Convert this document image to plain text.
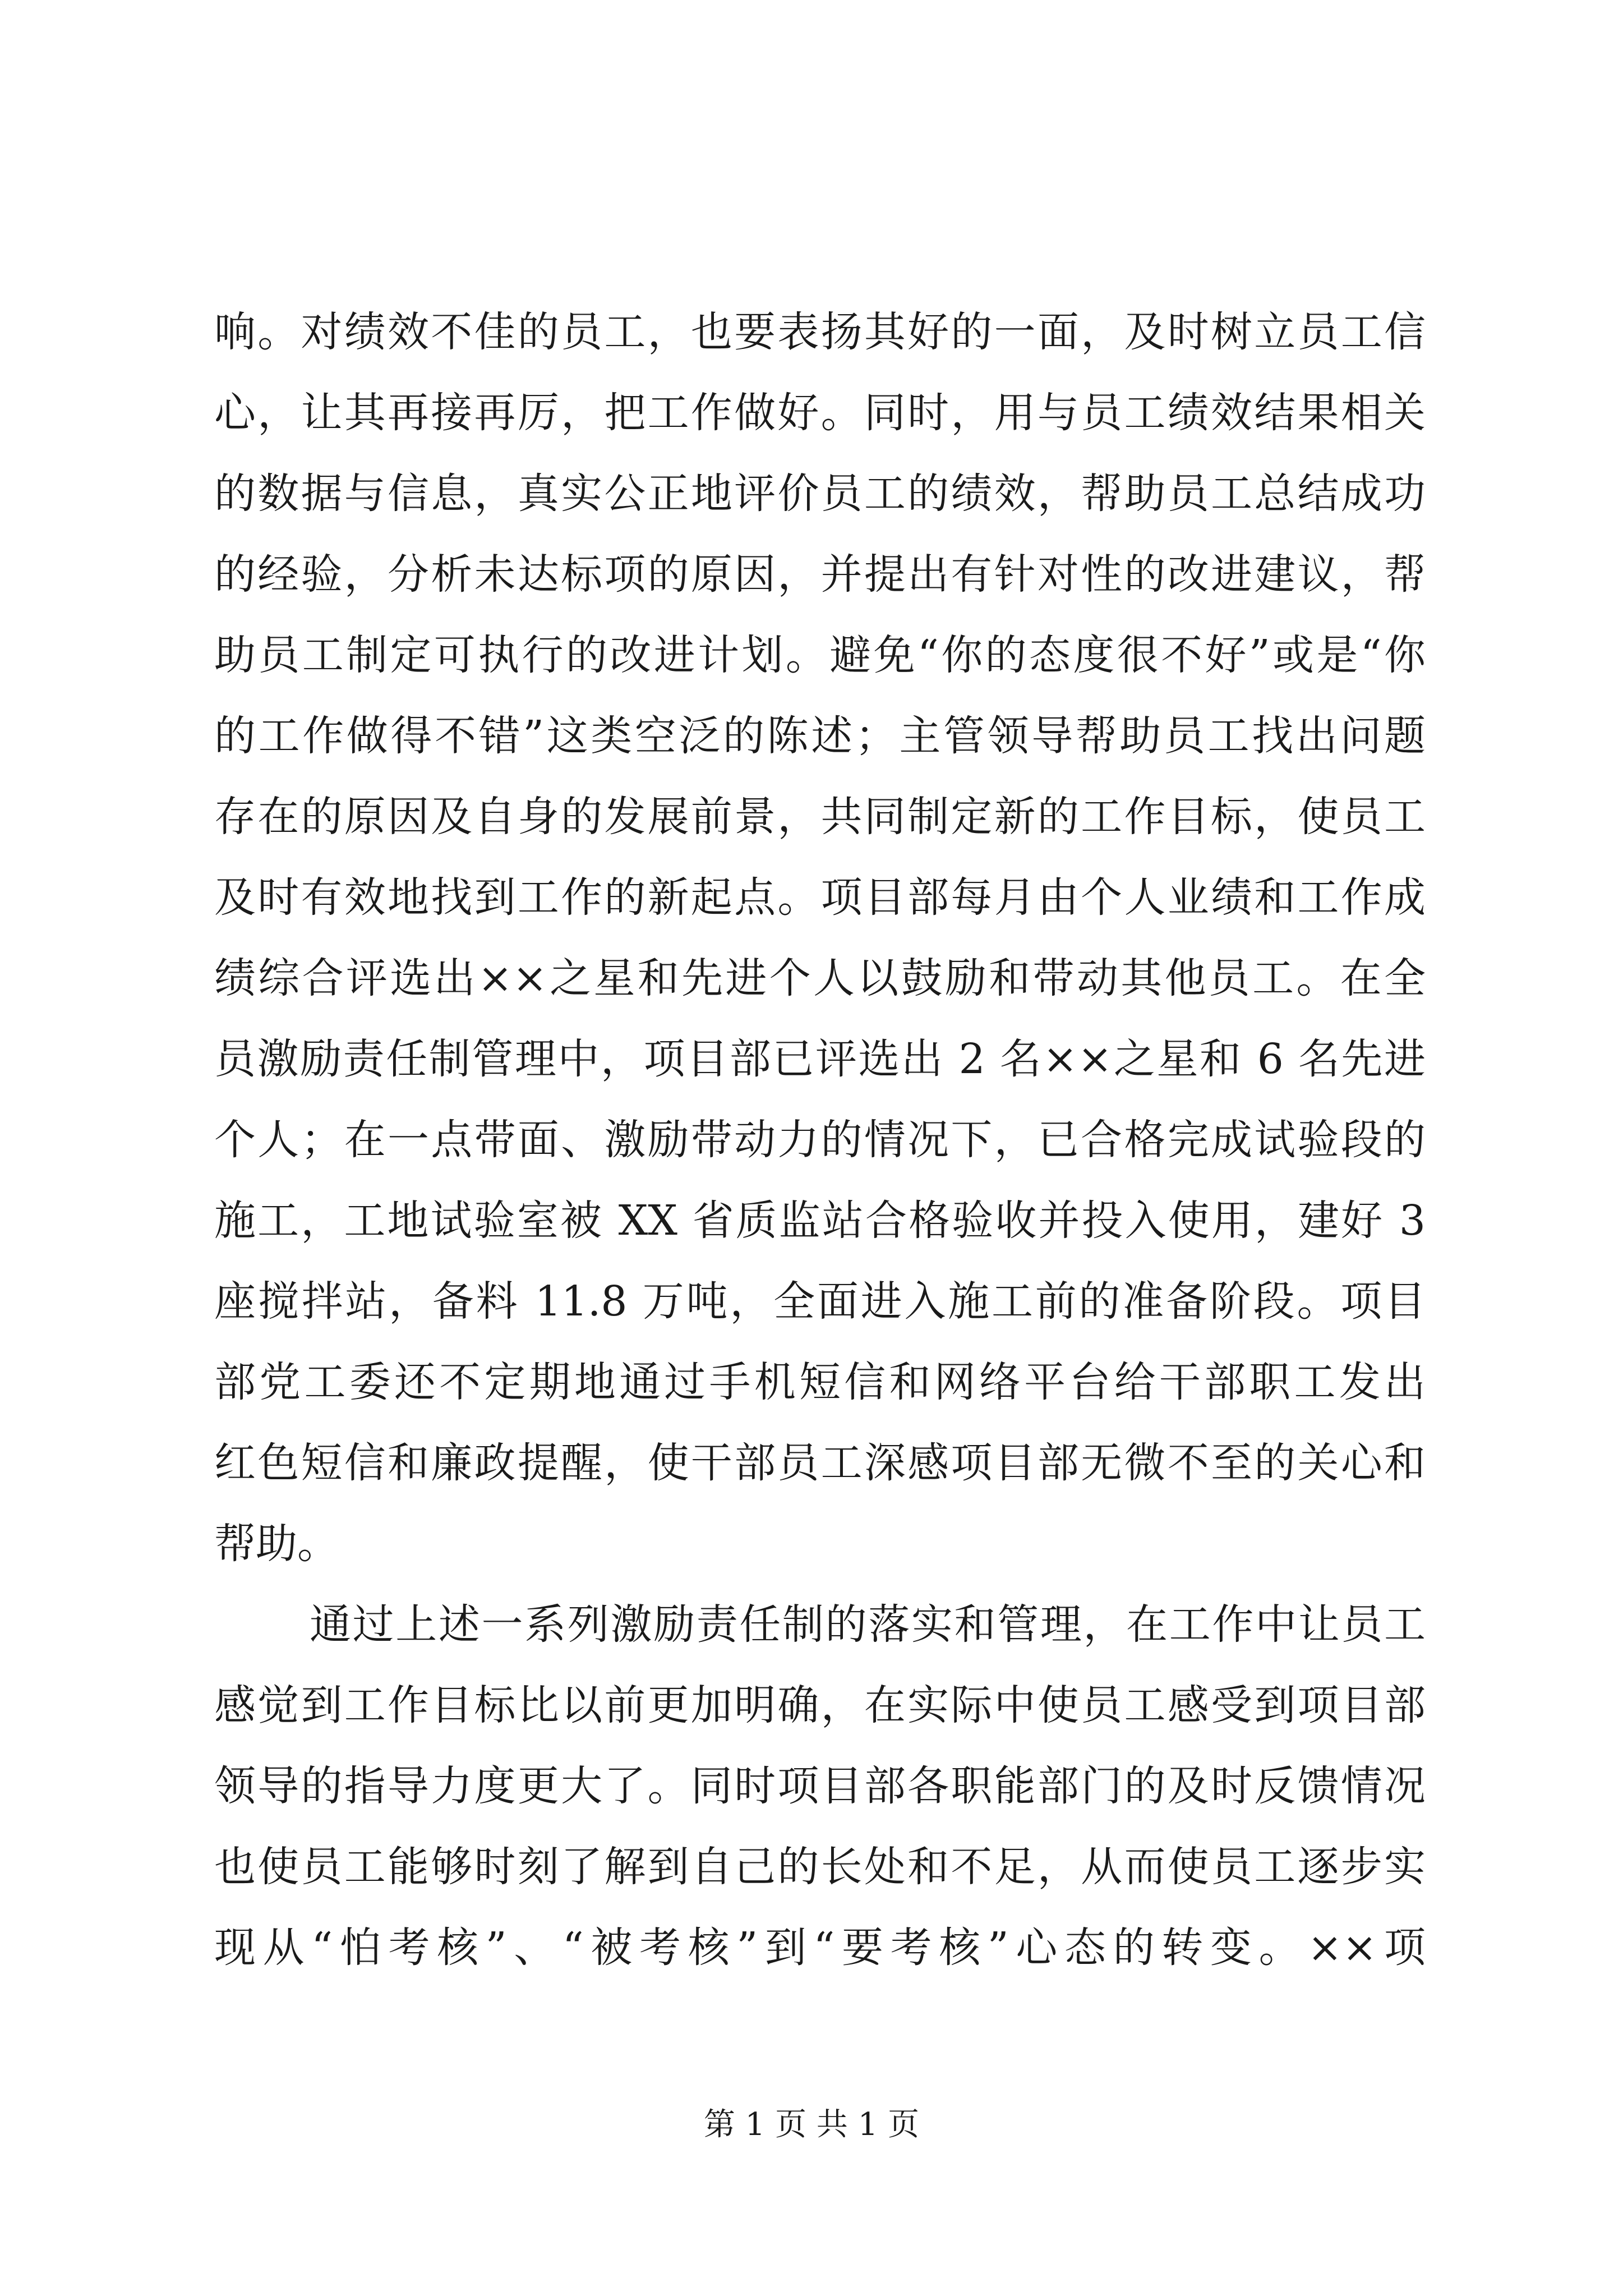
响。对绩效不佳的员工，也要表扬其好的一面，及时树立员工信
心，让其再接再厉，把工作做好。同时，用与员工绩效结果相关
的数据与信息，真实公正地评价员工的绩效，帮助员工总结成功
的经验，分析未达标项的原因，并提出有针对性的改进建议，帮
助员工制定可执行的改进计划。避免“你的态度很不好”或是“你
的工作做得不错”这类空泛的陈述；主管领导帮助员工找出问题
存在的原因及自身的发展前景，共同制定新的工作目标，使员工
及时有效地找到工作的新起点。项目部每月由个人业绩和工作成
绩综合评选出××之星和先进个人以鼓励和带动其他员工。在全
员激励责任制管理中，项目部已评选出 2 名××之星和 6 名先进
个人；在一点带面、激励带动力的情况下，已合格完成试验段的
施工，工地试验室被 XX 省质监站合格验收并投入使用，建好 3
座搅拌站，备料 11.8 万吨，全面进入施工前的准备阶段。项目
部党工委还不定期地通过手机短信和网络平台给干部职工发出
红色短信和廉政提醒，使干部员工深感项目部无微不至的关心和
帮助。
通过上述一系列激励责任制的落实和管理，在工作中让员工
感觉到工作目标比以前更加明确，在实际中使员工感受到项目部
领导的指导力度更大了。同时项目部各职能部门的及时反馈情况
也使员工能够时刻了解到自己的长处和不足，从而使员工逐步实
现从“怕考核”、“被考核”到“要考核”心态的转变。××项
第 1 页 共 1 页
